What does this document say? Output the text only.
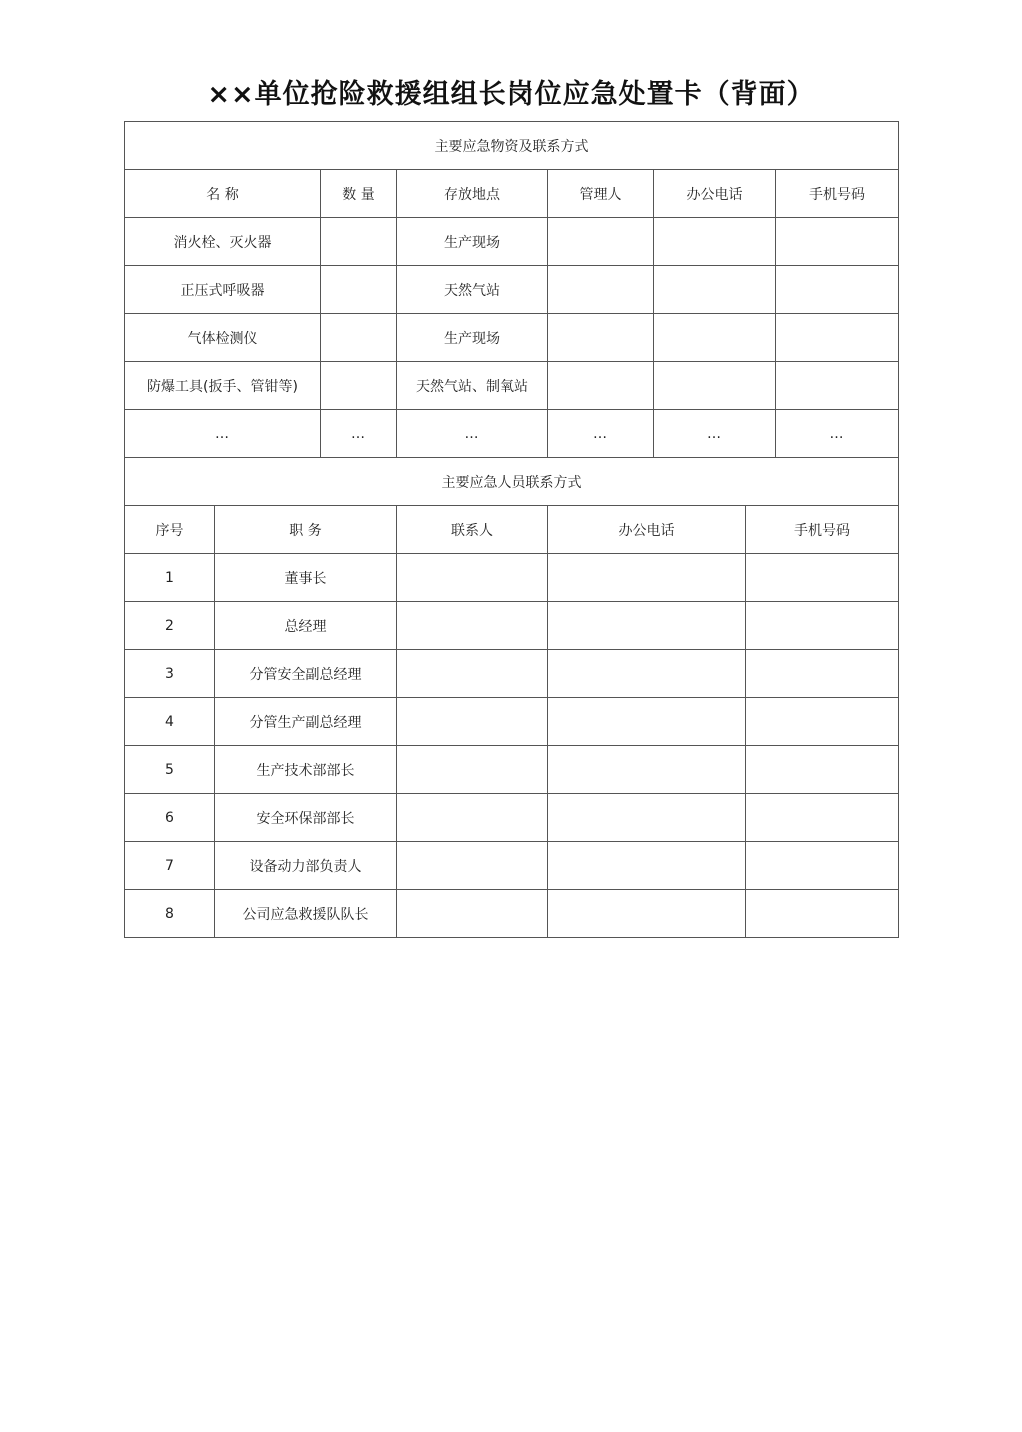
××单位抢险救援组组长岗位应急处置卡（背面）
主要应急物资及联系方式							
名 称		数 量	存放地点	管理人	办公电话		手机号码
消火栓、灭火器			生产现场				
正压式呼吸器			天然气站				
气体检测仪			生产现场				
防爆工具(扳手、管钳等)			天然气站、制氧站				
…		…	…	…	…		…
主要应急人员联系方式							
序号	职 务		联系人	办公电话		手机号码	
1	董事长						
2	总经理						
3	分管安全副总经理						
4	分管生产副总经理						
5	生产技术部部长						
6	安全环保部部长						
7	设备动力部负责人						
8	公司应急救援队队长						
